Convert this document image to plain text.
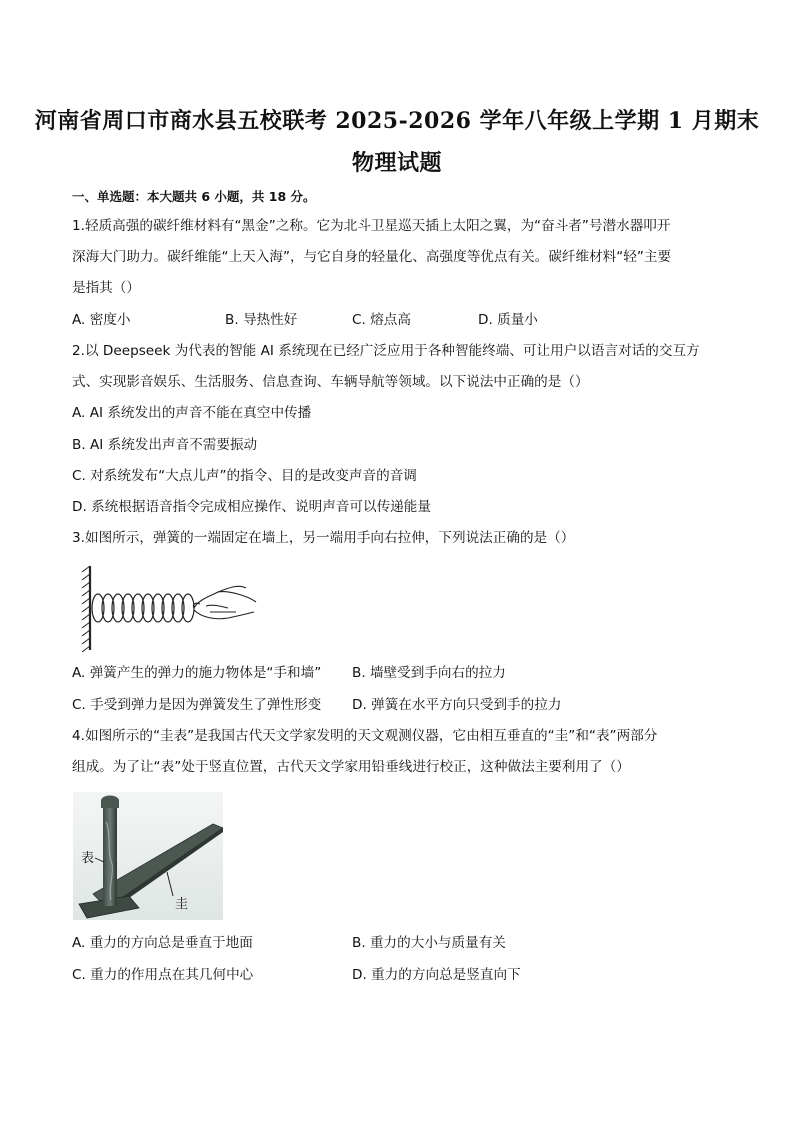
河南省周口市商水县五校联考 2025-2026 学年八年级上学期 1 月期末
物理试题
一、单选题：本大题共 6 小题，共 18 分。
1.轻质高强的碳纤维材料有“黑金”之称。它为北斗卫星巡天插上太阳之翼，为“奋斗者”号潜水器叩开
深海大门助力。碳纤维能“上天入海”，与它自身的轻量化、高强度等优点有关。碳纤维材料“轻”主要
是指其（）
A. 密度小	B. 导热性好	C. 熔点高	D. 质量小
2.以 Deepseek 为代表的智能 AI 系统现在已经广泛应用于各种智能终端、可让用户以语言对话的交互方
式、实现影音娱乐、生活服务、信息查询、车辆导航等领域。以下说法中正确的是（）
A. AI 系统发出的声音不能在真空中传播
B. AI 系统发出声音不需要振动
C. 对系统发布“大点儿声”的指令、目的是改变声音的音调
D. 系统根据语音指令完成相应操作、说明声音可以传递能量
3.如图所示，弹簧的一端固定在墙上，另一端用手向右拉伸，下列说法正确的是（）
A. 弹簧产生的弹力的施力物体是“手和墙” B. 墙壁受到手向右的拉力
C. 手受到弹力是因为弹簧发生了弹性形变 D. 弹簧在水平方向只受到手的拉力
4.如图所示的“圭表”是我国古代天文学家发明的天文观测仪器，它由相互垂直的“圭”和“表”两部分
组成。为了让“表”处于竖直位置，古代天文学家用铅垂线进行校正，这种做法主要利用了（）
表
圭
A. 重力的方向总是垂直于地面	B. 重力的大小与质量有关
C. 重力的作用点在其几何中心	D. 重力的方向总是竖直向下
